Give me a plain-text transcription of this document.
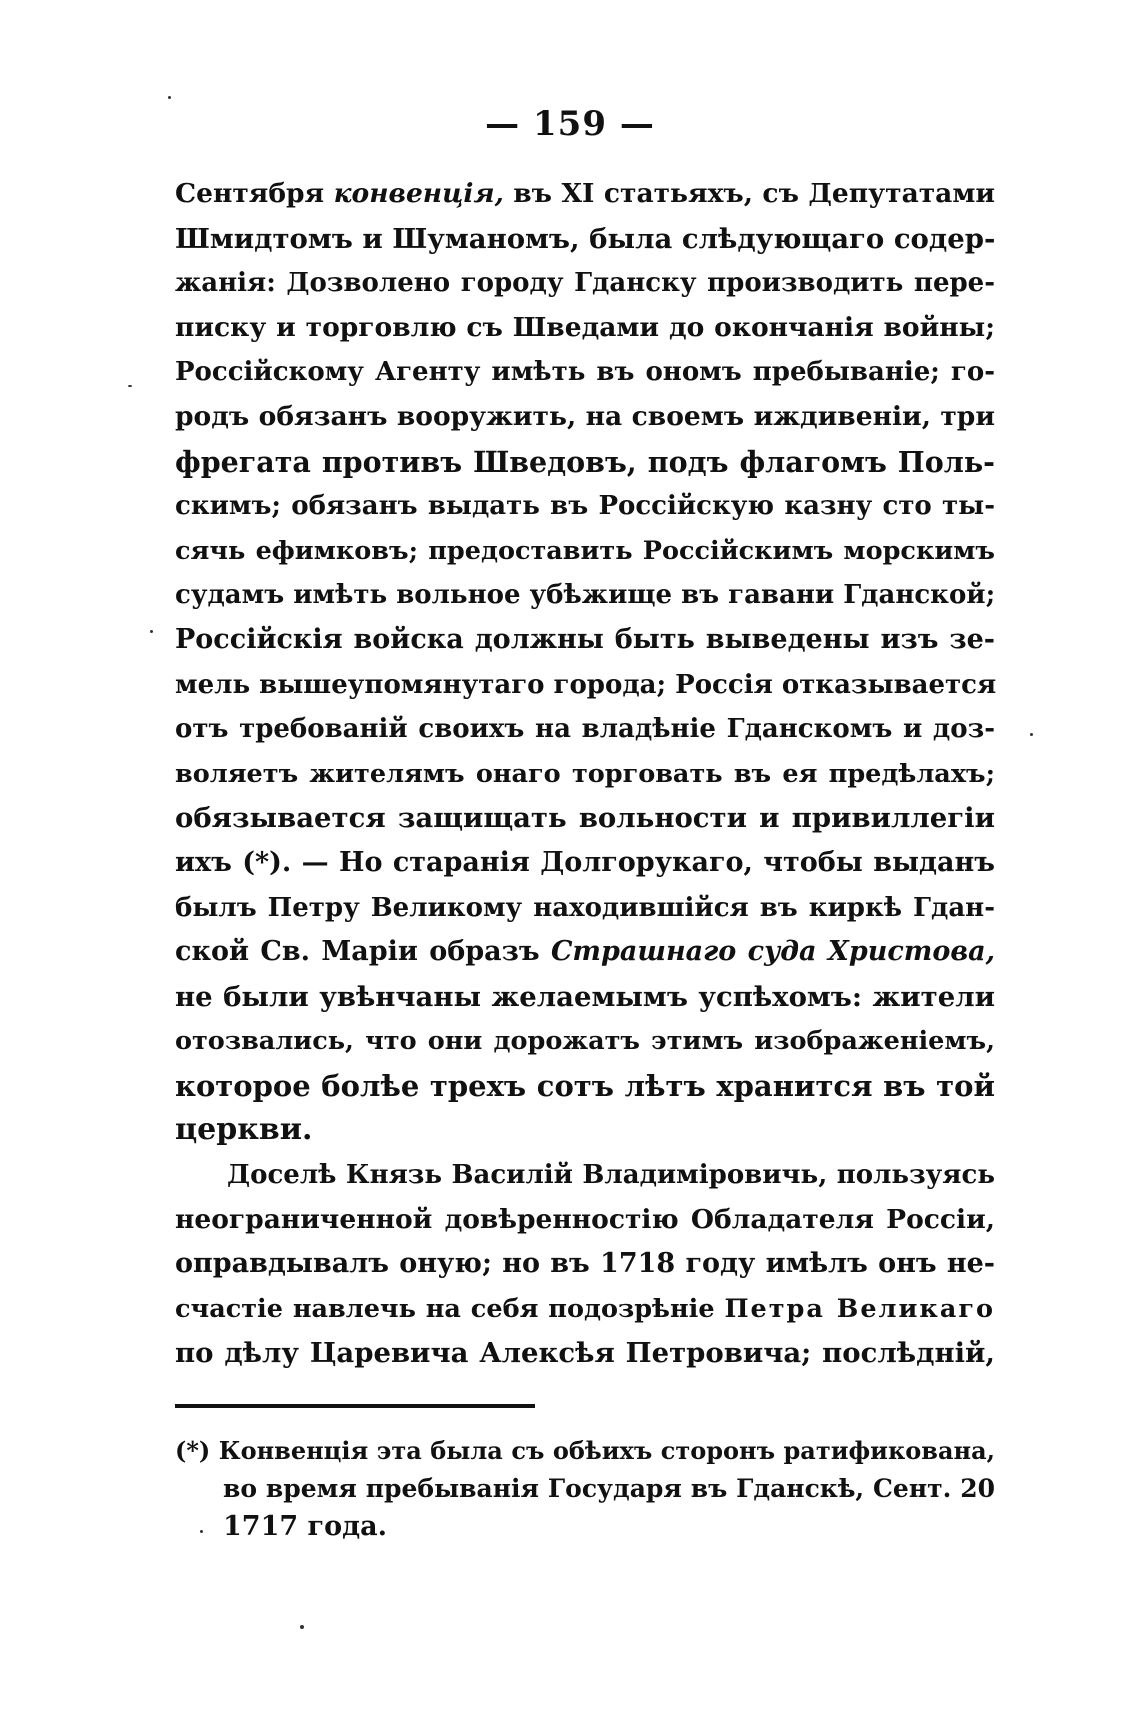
— 159 —
Сентября конвенція, въ XI статьяхъ, съ Депутатами
Шмидтомъ и Шуманомъ, была слѣдующаго содер-
жанія: Дозволено городу Гданску производить пере-
писку и торговлю съ Шведами до окончанія войны;
Россійскому Агенту имѣть въ ономъ пребываніе; го-
родъ обязанъ вооружить, на своемъ иждивеніи, три
фрегата противъ Шведовъ, подъ флагомъ Поль-
скимъ; обязанъ выдать въ Россійскую казну сто ты-
сячь ефимковъ; предоставить Россійскимъ морскимъ
судамъ имѣть вольное убѣжище въ гавани Гданской;
Россійскія войска должны быть выведены изъ зе-
мель вышеупомянутаго города; Россія отказывается
отъ требованій своихъ на владѣніе Гданскомъ и доз-
воляетъ жителямъ онаго торговать въ ея предѣлахъ;
обязывается защищать вольности и привиллегіи
ихъ (*). — Но старанія Долгорукаго, чтобы выданъ
былъ Петру Великому находившійся въ киркѣ Гдан-
ской Св. Маріи образъ Страшнаго суда Христова,
не были увѣнчаны желаемымъ успѣхомъ: жители
отозвались, что они дорожатъ этимъ изображеніемъ,
которое болѣе трехъ сотъ лѣтъ хранится въ той
церкви.
Доселѣ Князь Василій Владиміровичь, пользуясь
неограниченной довѣренностію Обладателя Россіи,
оправдывалъ оную; но въ 1718 году имѣлъ онъ не-
счастіе навлечь на себя подозрѣніе Петра Великаго
по дѣлу Царевича Алексѣя Петровича; послѣдній,
(*) Конвенція эта была съ обѣихъ сторонъ ратификована,
во время пребыванія Государя въ Гданскѣ, Сент. 20
1717 года.
